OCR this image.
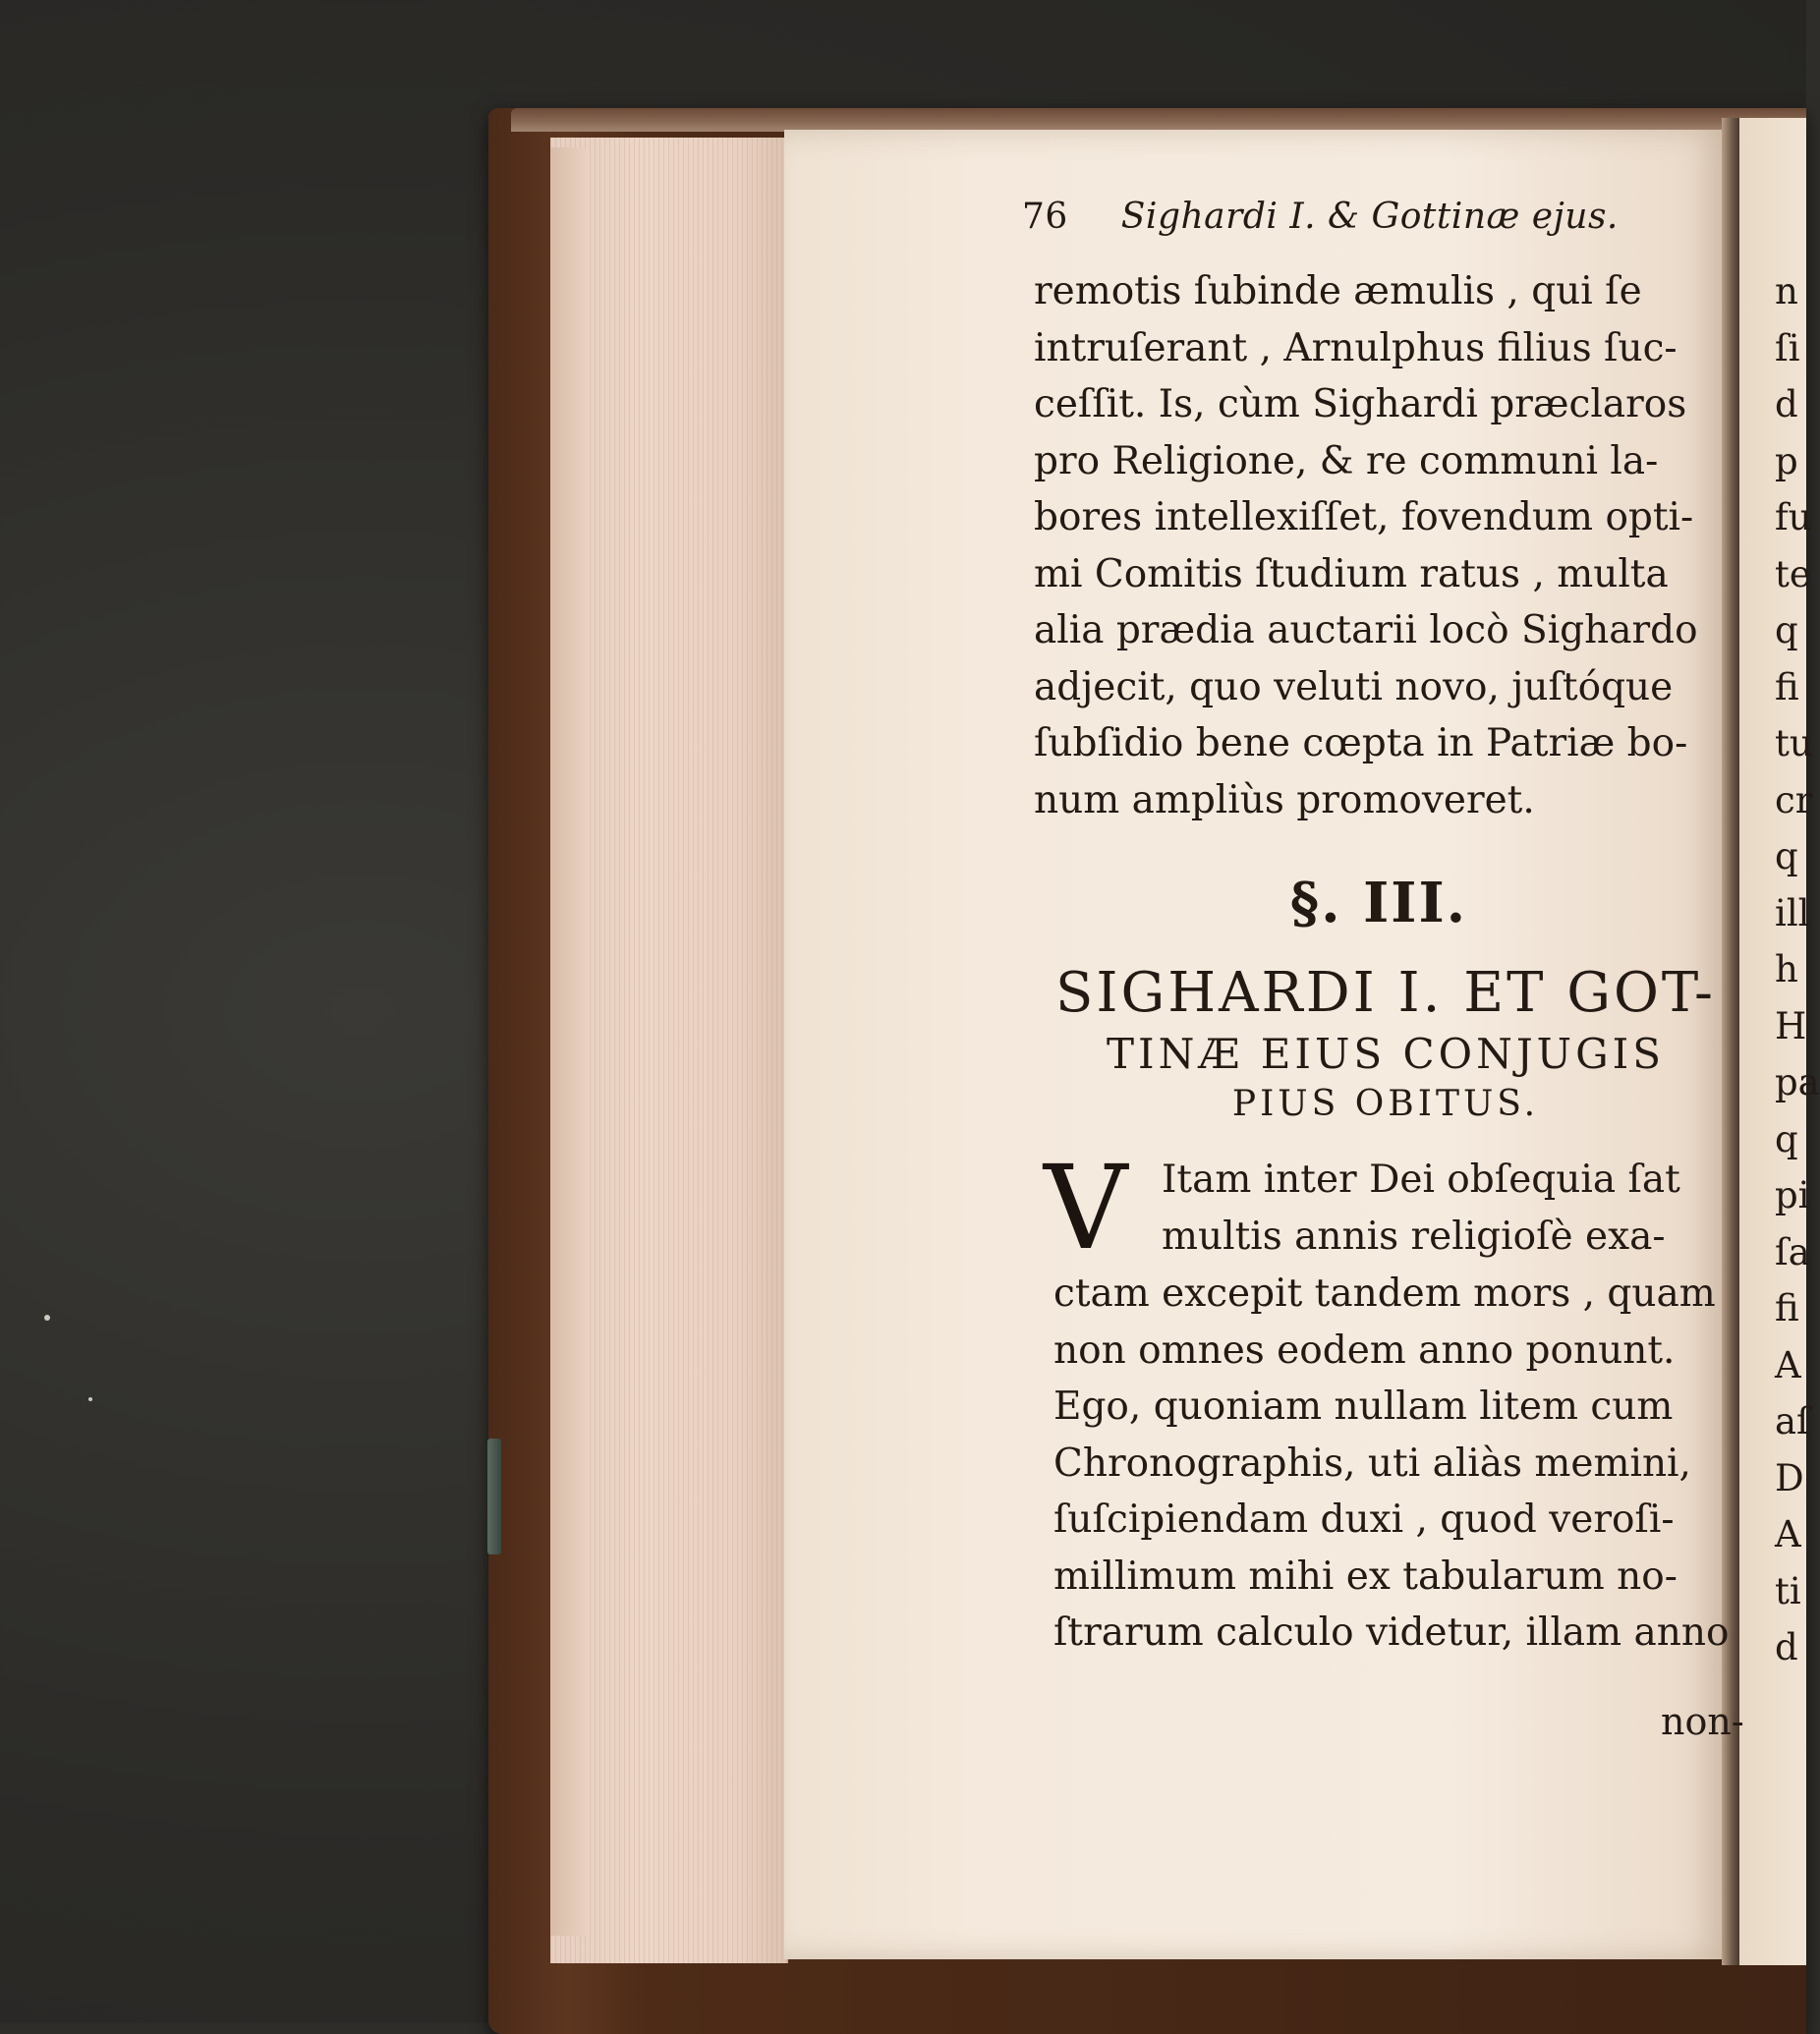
76 Sighardi I. & Gottinæ ejus.
remotis ſubinde æmulis , qui ſe
intruſerant , Arnulphus filius ſuc-
ceſſit. Is, cùm Sighardi præclaros
pro Religione, & re communi la-
bores intellexiſſet, fovendum opti-
mi Comitis ſtudium ratus , multa
alia prædia auctarii locò Sighardo
adjecit, quo veluti novo, juſtóque
ſubſidio bene cœpta in Patriæ bo-
num ampliùs promoveret.
§. III.
SIGHARDI I. ET GOT-
TINÆ EIUS CONJUGIS
PIUS OBITUS.
V Itam inter Dei obſequia ſat
multis annis religioſè exa-
ctam excepit tandem mors , quam
non omnes eodem anno ponunt.
Ego, quoniam nullam litem cum
Chronographis, uti aliàs memini,
ſuſcipiendam duxi , quod veroſi-
millimum mihi ex tabularum no-
ſtrarum calculo videtur, illam anno
non-
n
ſi
d
p
fu
te
q
fi
tu
cr
q
ill
h
H
pa
q
pi
ſa
fi
A
aſ
D
A
ti
d
